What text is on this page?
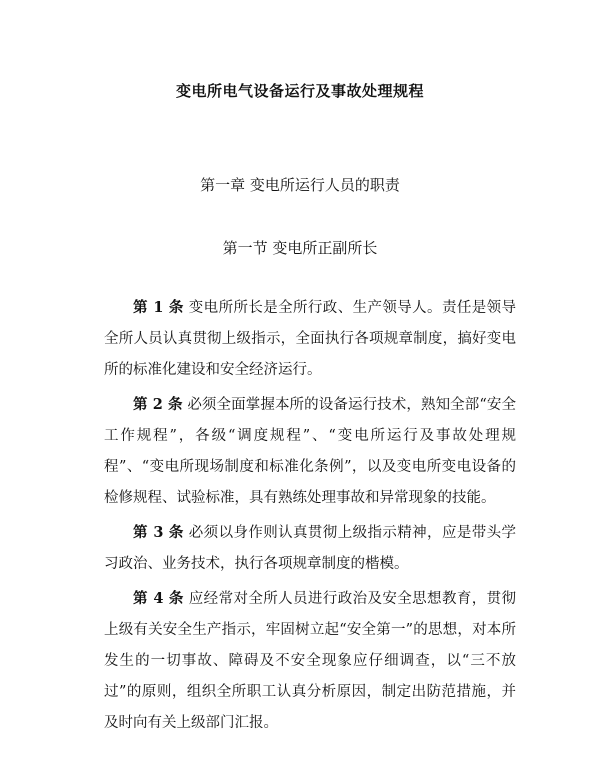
变电所电气设备运行及事故处理规程
第一章 变电所运行人员的职责
第一节 变电所正副所长

第 1 条 变电所所长是全所行政、生产领导人。责任是领导全所人员认真贯彻上级指示，全面执行各项规章制度，搞好变电所的标准化建设和安全经济运行。

第 2 条 必须全面掌握本所的设备运行技术，熟知全部“安全工作规程”，各级“调度规程”、“变电所运行及事故处理规程”、“变电所现场制度和标准化条例”，以及变电所变电设备的检修规程、试验标准，具有熟练处理事故和异常现象的技能。

第 3 条 必须以身作则认真贯彻上级指示精神，应是带头学习政治、业务技术，执行各项规章制度的楷模。

第 4 条 应经常对全所人员进行政治及安全思想教育，贯彻上级有关安全生产指示，牢固树立起“安全第一”的思想，对本所发生的一切事故、障碍及不安全现象应仔细调查，以“三不放过”的原则，组织全所职工认真分析原因，制定出防范措施，并及时向有关上级部门汇报。
